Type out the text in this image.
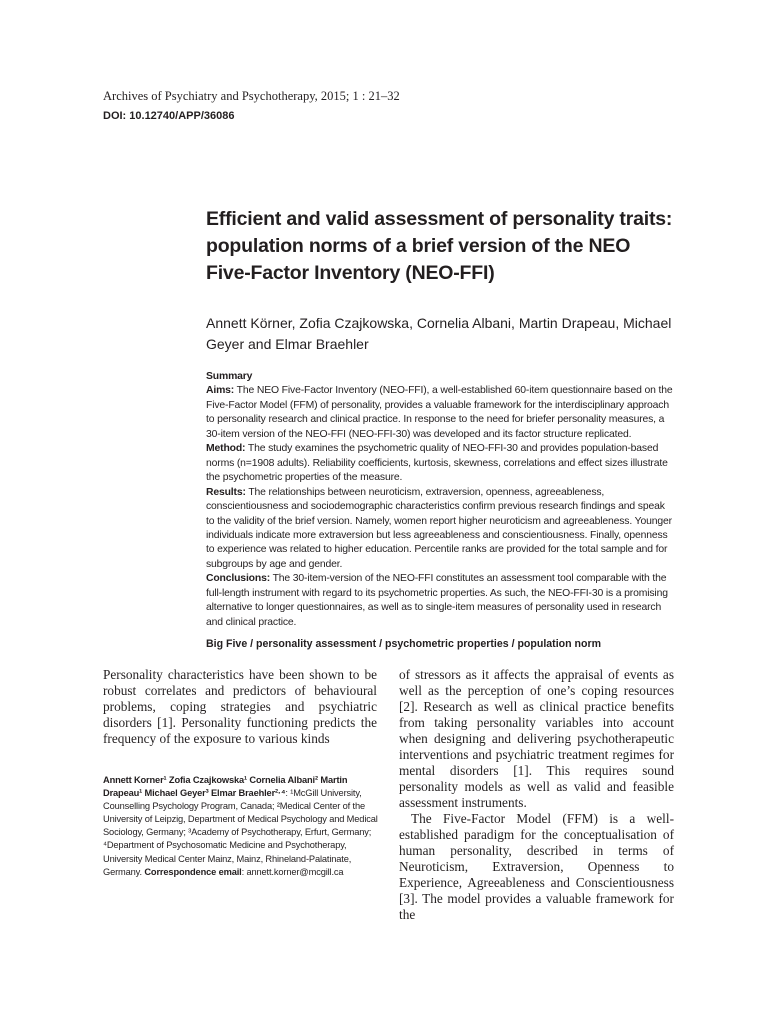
Archives of Psychiatry and Psychotherapy, 2015; 1 : 21–32
DOI: 10.12740/APP/36086
Efficient and valid assessment of personality traits: population norms of a brief version of the NEO Five-Factor Inventory (NEO-FFI)

Annett Körner, Zofia Czajkowska, Cornelia Albani, Martin Drapeau, Michael Geyer and Elmar Braehler

Summary
Aims: The NEO Five-Factor Inventory (NEO-FFI), a well-established 60-item questionnaire based on the Five-Factor Model (FFM) of personality, provides a valuable framework for the interdisciplinary approach to personality research and clinical practice. In response to the need for briefer personality measures, a 30-item version of the NEO-FFI (NEO-FFI-30) was developed and its factor structure replicated.
Method: The study examines the psychometric quality of NEO-FFI-30 and provides population-based norms (n=1908 adults). Reliability coefficients, kurtosis, skewness, correlations and effect sizes illustrate the psychometric properties of the measure.
Results: The relationships between neuroticism, extraversion, openness, agreeableness, conscientiousness and sociodemographic characteristics confirm previous research findings and speak to the validity of the brief version. Namely, women report higher neuroticism and agreeableness. Younger individuals indicate more extraversion but less agreeableness and conscientiousness. Finally, openness to experience was related to higher education. Percentile ranks are provided for the total sample and for subgroups by age and gender.
Conclusions: The 30-item-version of the NEO-FFI constitutes an assessment tool comparable with the full-length instrument with regard to its psychometric properties. As such, the NEO-FFI-30 is a promising alternative to longer questionnaires, as well as to single-item measures of personality used in research and clinical practice.
Big Five / personality assessment / psychometric properties / population norm

Personality characteristics have been shown to be robust correlates and predictors of behavioural problems, coping strategies and psychiatric disorders [1]. Personality functioning predicts the frequency of the exposure to various kinds

Annett Korner¹ Zofia Czajkowska¹ Cornelia Albani² Martin Drapeau¹ Michael Geyer³ Elmar Braehler²·⁴: ¹McGill University, Counselling Psychology Program, Canada; ²Medical Center of the University of Leipzig, Department of Medical Psychology and Medical Sociology, Germany; ³Academy of Psychotherapy, Erfurt, Germany; ⁴Department of Psychosomatic Medicine and Psychotherapy, University Medical Center Mainz, Mainz, Rhineland-Palatinate, Germany. Correspondence email: annett.korner@mcgill.ca

of stressors as it affects the appraisal of events as well as the perception of one’s coping resources [2]. Research as well as clinical practice benefits from taking personality variables into account when designing and delivering psychotherapeutic interventions and psychiatric treatment regimes for mental disorders [1]. This requires sound personality models as well as valid and feasible assessment instruments.

The Five-Factor Model (FFM) is a well-established paradigm for the conceptualisation of human personality, described in terms of Neuroticism, Extraversion, Openness to Experience, Agreeableness and Conscientiousness [3]. The model provides a valuable framework for the
